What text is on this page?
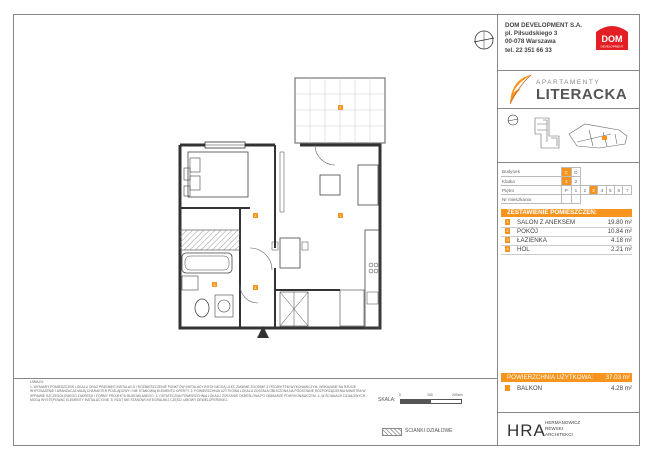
DOM DEVELOPMENT S.A.
pl. Piłsudskiego 3
00-078 Warszawa
tel. 22 351 66 33
DOM
DEVELOPMENT
APARTAMENTY
LITERACKA
Budynek	C	D						
Klatka	1	2						
Piętro	P	1	2	3	4	5	6	7
Nr mieszkania								
ZESTAWIENIE POMIESZCZEŃ:
1 SALON Z ANEKSEM	19.80 m²
2 POKÓJ	10.84 m²
3 ŁAZIENKA	4.18 m²
4 HOL	2.21 m²
POWIERZCHNIA UŻYTKOWA: 37.03 m²
BALKON	4.28 m²
UWAGI:
1. WYMIARY POMIESZCZEŃ LOKALU ORAZ PRZEBIEG INSTALACJI I ROZMIESZCZENIE PUNKTÓW INSTALACYJNYCH MOGĄ ULEC ZMIANIE ZGODNIE Z PROJEKTEM WYKONAWCZYM. WSKAZANE NA RZUCIE WYPOSAŻENIE I ARANŻACJA MAJĄ CHARAKTER POGLĄDOWY I NIE STANOWIĄ ELEMENTU OFERTY. 2. POWIERZCHNIA UŻYTKOWA LOKALU ZOSTAŁA OBLICZONA NA PODSTAWIE ROZPORZĄDZENIA MINISTRA W SPRAWIE SZCZEGÓŁOWEGO ZAKRESU I FORMY PROJEKTU BUDOWLANEGO. 3. OSTATECZNA POWIERZCHNIA LOKALU ZOSTANIE OKREŚLONA PO OBMIARZE POWYKONAWCZYM. 4. W ŚCIANACH DZIAŁOWYCH MOGĄ WYSTĘPOWAĆ ELEMENTY INSTALACYJNE. 5. RZUT NIE STANOWI INTEGRALNEJ CZĘŚCI UMOWY DEWELOPERSKIEJ.	SKALA:
0	100	200cm
ŚCIANKI DZIAŁOWE	HRA HERMANOWICZ
RÉWSKI
ARCHITEKCI
5
1
2
3
4
